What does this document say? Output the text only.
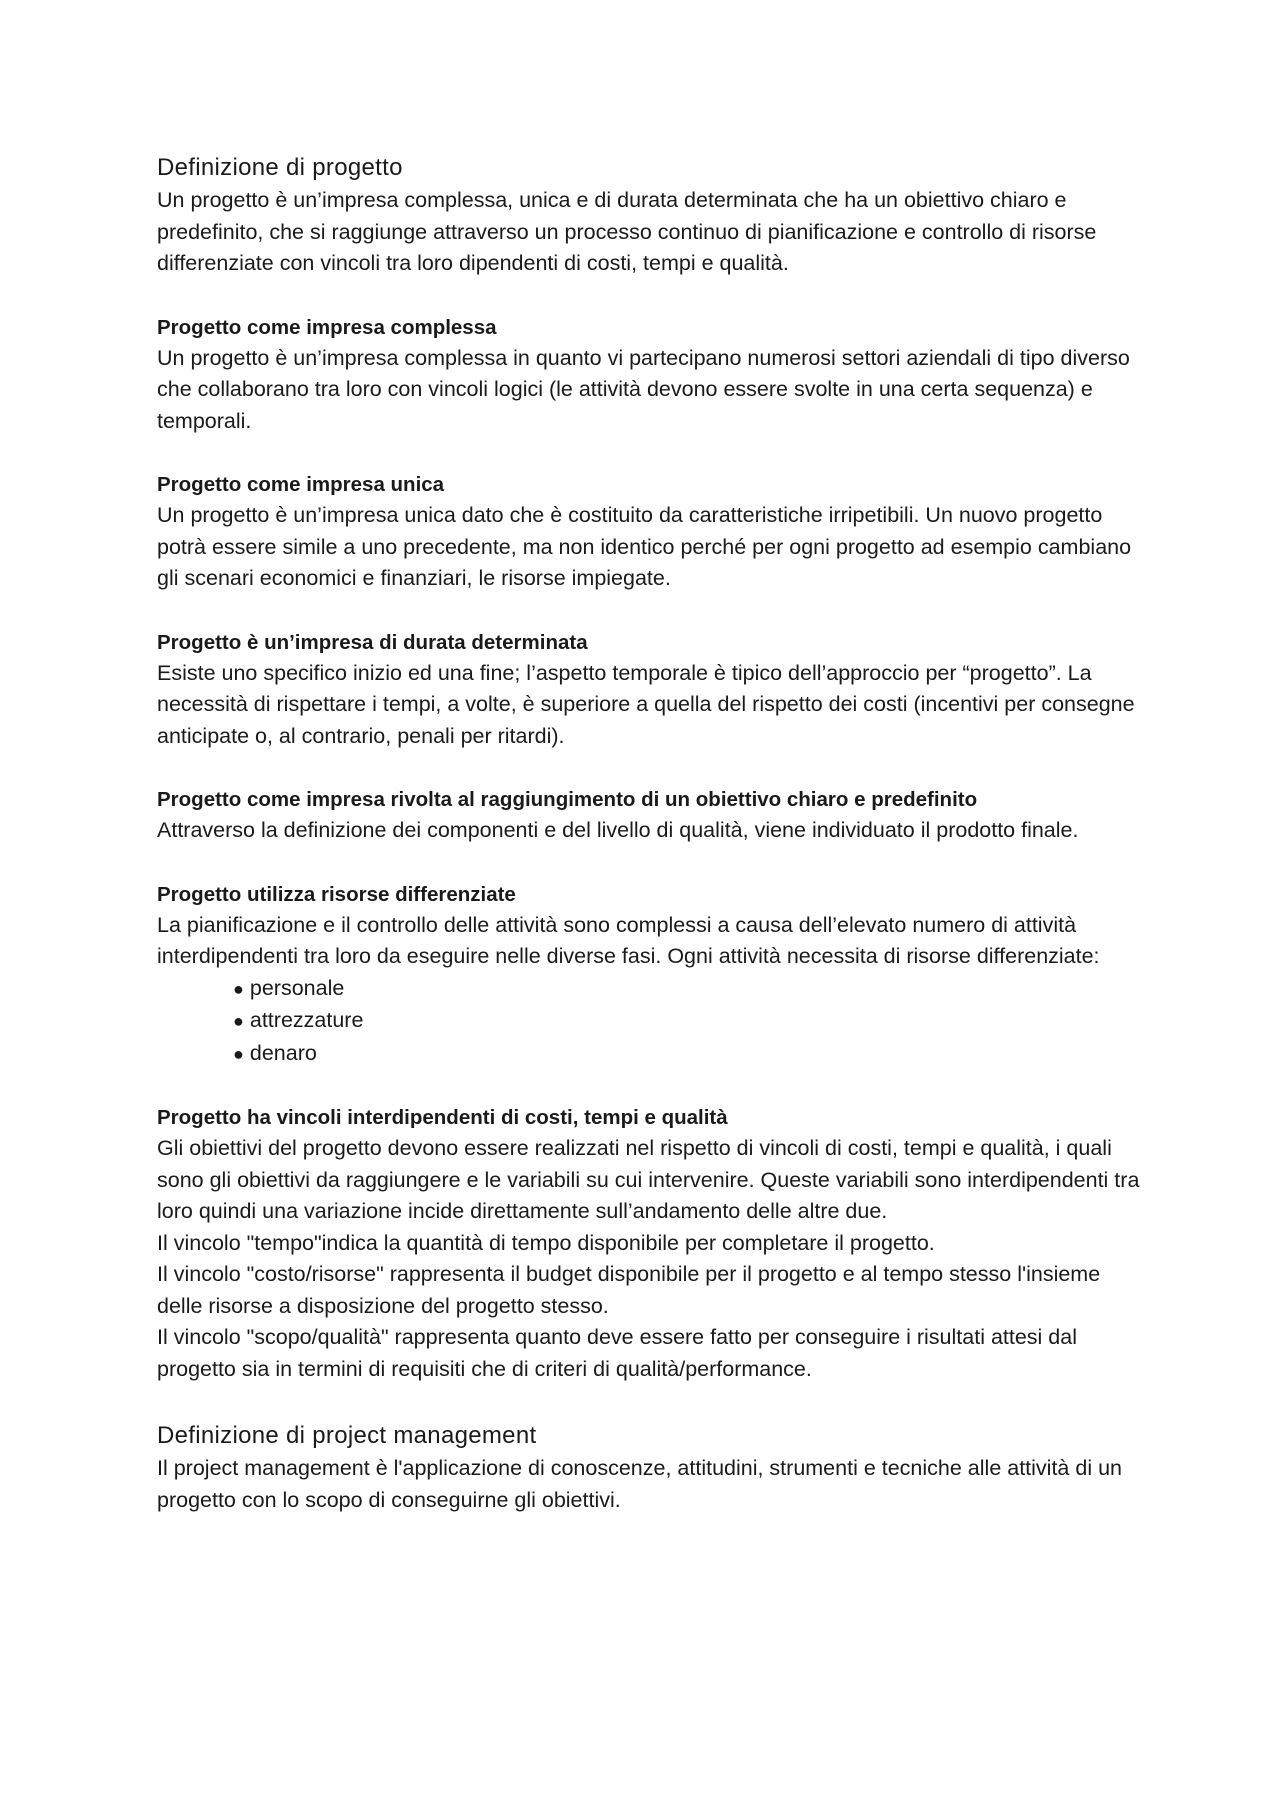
Definizione di progetto

Un progetto è un’impresa complessa, unica e di durata determinata che ha un obiettivo chiaro e predefinito, che si raggiunge attraverso un processo continuo di pianificazione e controllo di risorse differenziate con vincoli tra loro dipendenti di costi, tempi e qualità.

Progetto come impresa complessa

Un progetto è un’impresa complessa in quanto vi partecipano numerosi settori aziendali di tipo diverso che collaborano tra loro con vincoli logici (le attività devono essere svolte in una certa sequenza) e temporali.

Progetto come impresa unica

Un progetto è un’impresa unica dato che è costituito da caratteristiche irripetibili. Un nuovo progetto potrà essere simile a uno precedente, ma non identico perché per ogni progetto ad esempio cambiano gli scenari economici e finanziari, le risorse impiegate.

Progetto è un’impresa di durata determinata

Esiste uno specifico inizio ed una fine; l’aspetto temporale è tipico dell’approccio per “progetto”. La necessità di rispettare i tempi, a volte, è superiore a quella del rispetto dei costi (incentivi per consegne anticipate o, al contrario, penali per ritardi).

Progetto come impresa rivolta al raggiungimento di un obiettivo chiaro e predefinito

Attraverso la definizione dei componenti e del livello di qualità, viene individuato il prodotto finale.

Progetto utilizza risorse differenziate

La pianificazione e il controllo delle attività sono complessi a causa dell’elevato numero di attività interdipendenti tra loro da eseguire nelle diverse fasi. Ogni attività necessita di risorse differenziate:

● personale
● attrezzature
● denaro
Progetto ha vincoli interdipendenti di costi, tempi e qualità

Gli obiettivi del progetto devono essere realizzati nel rispetto di vincoli di costi, tempi e qualità, i quali sono gli obiettivi da raggiungere e le variabili su cui intervenire. Queste variabili sono interdipendenti tra loro quindi una variazione incide direttamente sull’andamento delle altre due.

Il vincolo "tempo"indica la quantità di tempo disponibile per completare il progetto.

Il vincolo "costo/risorse" rappresenta il budget disponibile per il progetto e al tempo stesso l'insieme delle risorse a disposizione del progetto stesso.

Il vincolo "scopo/qualità" rappresenta quanto deve essere fatto per conseguire i risultati attesi dal progetto sia in termini di requisiti che di criteri di qualità/performance.

Definizione di project management

Il project management è l'applicazione di conoscenze, attitudini, strumenti e tecniche alle attività di un progetto con lo scopo di conseguirne gli obiettivi.
